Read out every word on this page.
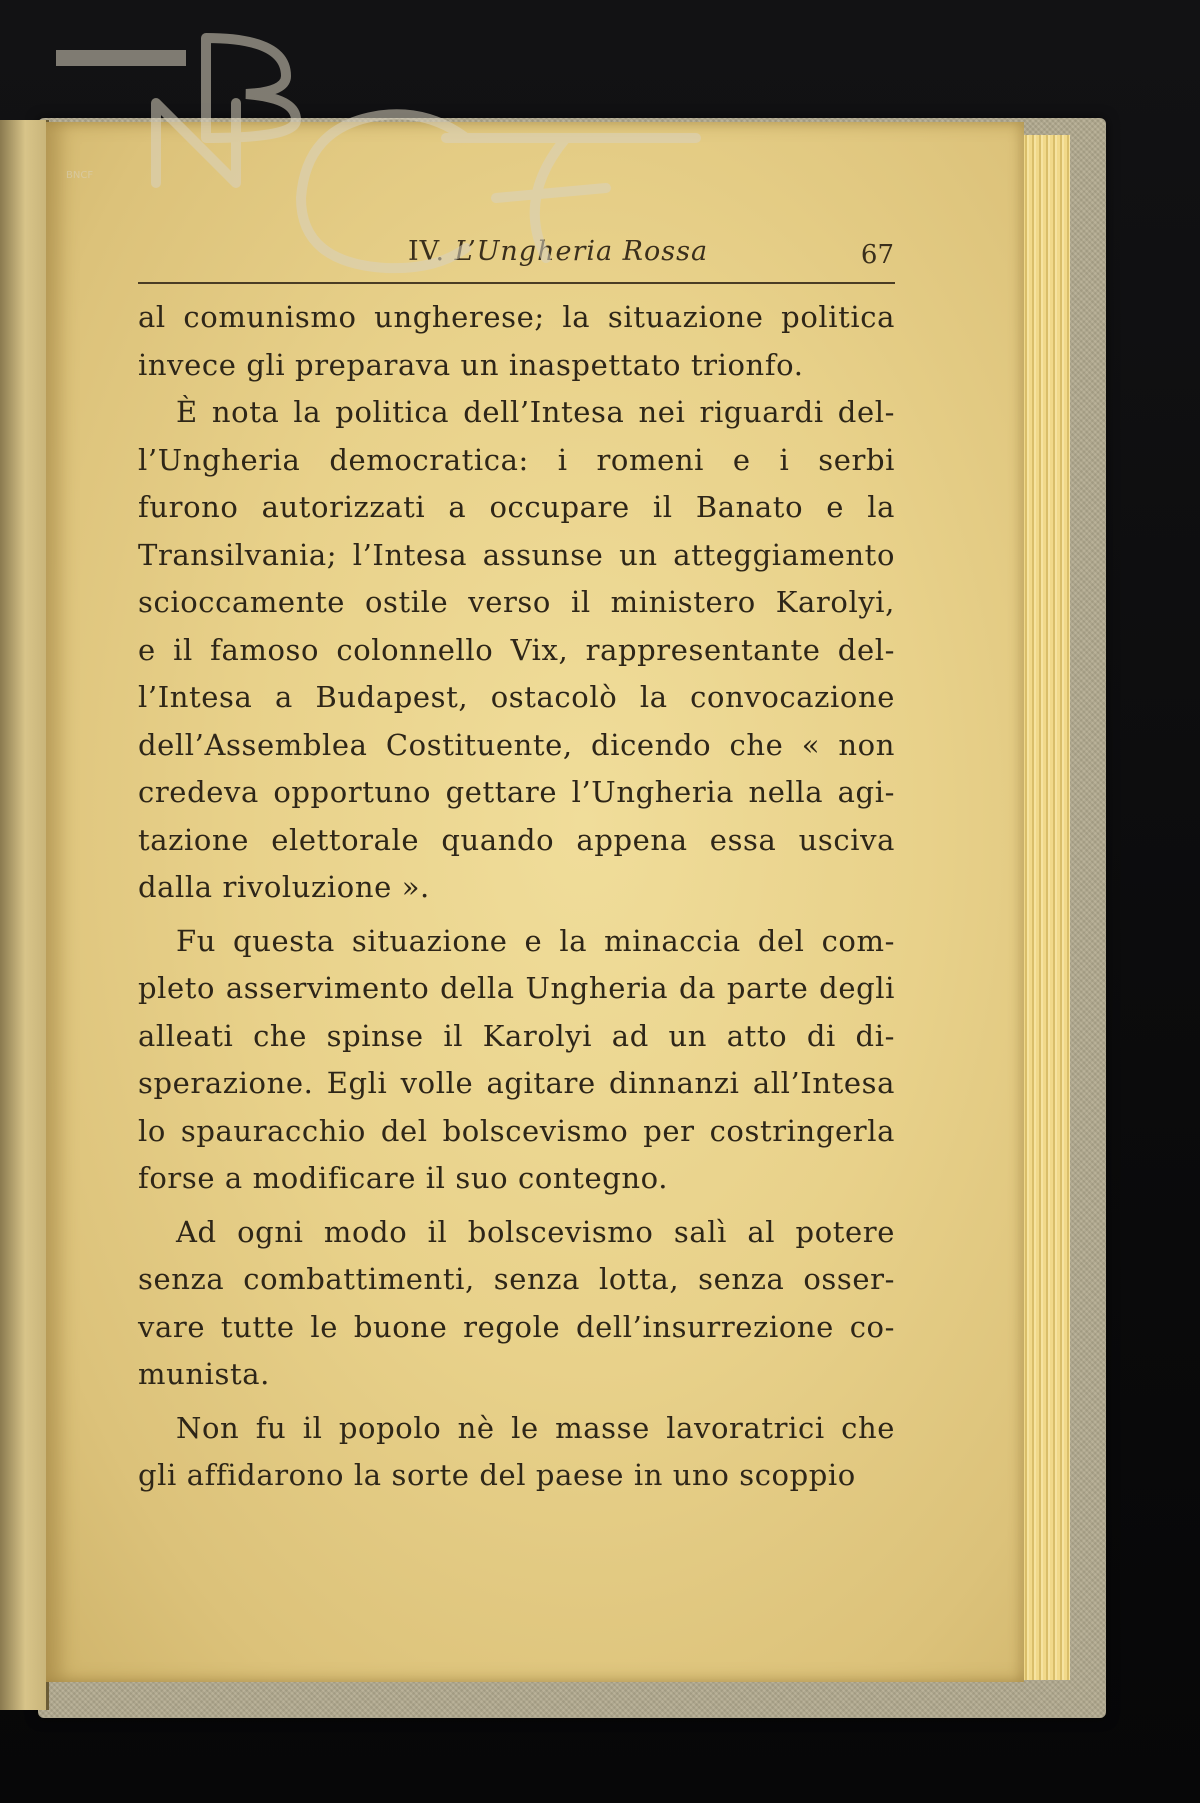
IV. L’Ungheria Rossa	67

al comunismo ungherese; la situazione politica
invece gli preparava un inaspettato trionfo.

È nota la politica dell’Intesa nei riguardi del-
l’Ungheria democratica: i romeni e i serbi
furono autorizzati a occupare il Banato e la
Transilvania; l’Intesa assunse un atteggiamento
scioccamente ostile verso il ministero Karolyi,
e il famoso colonnello Vix, rappresentante del-
l’Intesa a Budapest, ostacolò la convocazione
dell’Assemblea Costituente, dicendo che « non
credeva opportuno gettare l’Ungheria nella agi-
tazione elettorale quando appena essa usciva
dalla rivoluzione ».

Fu questa situazione e la minaccia del com-
pleto asservimento della Ungheria da parte degli
alleati che spinse il Karolyi ad un atto di di-
sperazione. Egli volle agitare dinnanzi all’Intesa
lo spauracchio del bolscevismo per costringerla
forse a modificare il suo contegno.

Ad ogni modo il bolscevismo salì al potere
senza combattimenti, senza lotta, senza osser-
vare tutte le buone regole dell’insurrezione co-
munista.

Non fu il popolo nè le masse lavoratrici che
gli affidarono la sorte del paese in uno scoppio

BNCF
